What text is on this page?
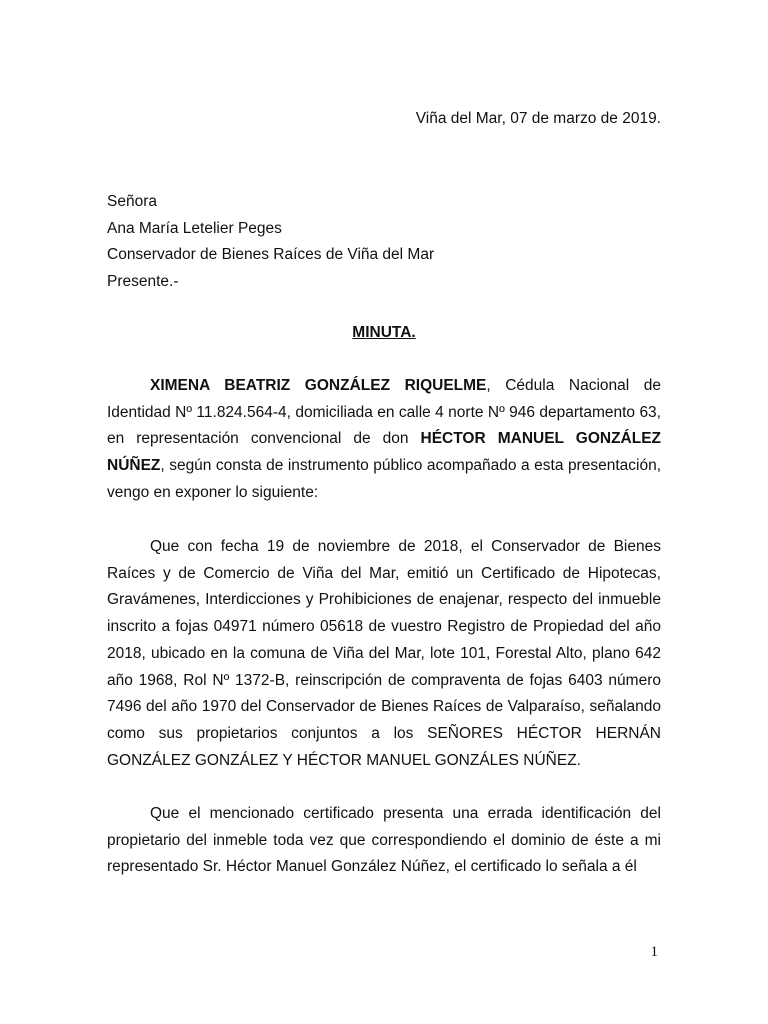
Viña del Mar, 07 de marzo de 2019.
Señora
Ana María Letelier Peges
Conservador de Bienes Raíces de Viña del Mar
Presente.-
MINUTA.

XIMENA BEATRIZ GONZÁLEZ RIQUELME, Cédula Nacional de Identidad Nº 11.824.564-4, domiciliada en calle 4 norte Nº 946 departamento 63, en representación convencional de don HÉCTOR MANUEL GONZÁLEZ NÚÑEZ, según consta de instrumento público acompañado a esta presentación, vengo en exponer lo siguiente:

Que con fecha 19 de noviembre de 2018, el Conservador de Bienes Raíces y de Comercio de Viña del Mar, emitió un Certificado de Hipotecas, Gravámenes, Interdicciones y Prohibiciones de enajenar, respecto del inmueble inscrito a fojas 04971 número 05618 de vuestro Registro de Propiedad del año 2018, ubicado en la comuna de Viña del Mar, lote 101, Forestal Alto, plano 642 año 1968, Rol Nº 1372-B, reinscripción de compraventa de fojas 6403 número 7496 del año 1970 del Conservador de Bienes Raíces de Valparaíso, señalando como sus propietarios conjuntos a los SEÑORES HÉCTOR HERNÁN GONZÁLEZ GONZÁLEZ Y HÉCTOR MANUEL GONZÁLES NÚÑEZ.

Que el mencionado certificado presenta una errada identificación del propietario del inmeble toda vez que correspondiendo el dominio de éste a mi representado Sr. Héctor Manuel González Núñez, el certificado lo señala a él

1
